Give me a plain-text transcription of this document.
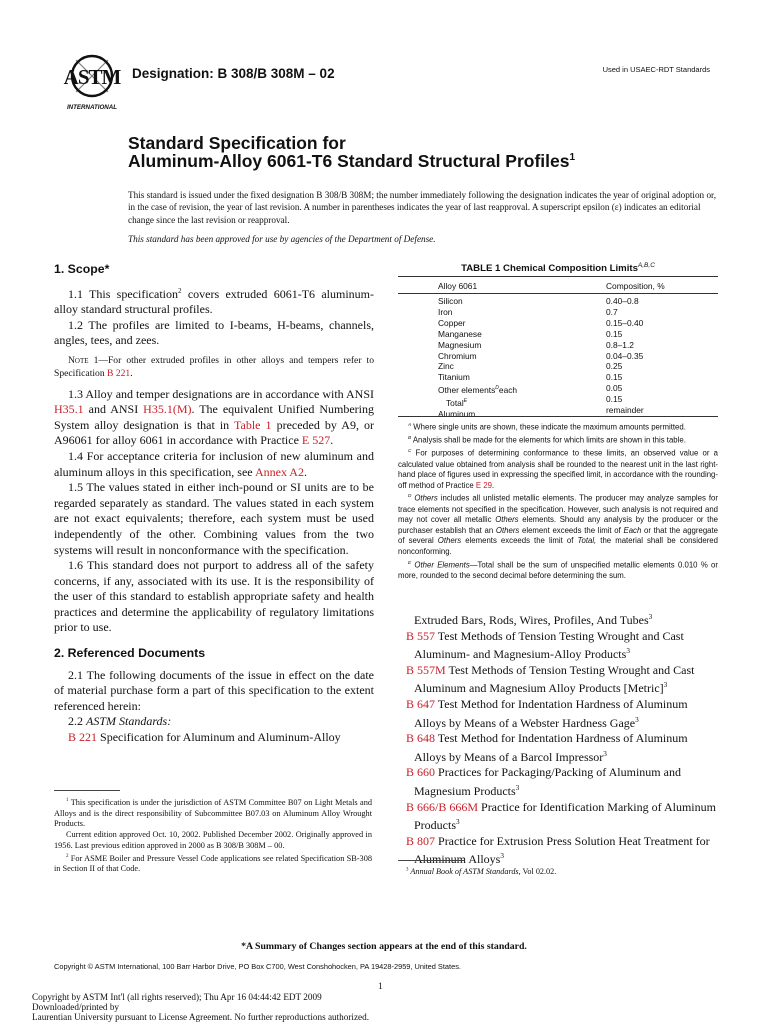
ASTM
INTERNATIONAL
Designation: B 308/B 308M – 02	Used in USAEC-RDT Standards
Standard Specification for
Aluminum-Alloy 6061-T6 Standard Structural Profiles$^1$
This standard is issued under the fixed designation B 308/B 308M; the number immediately following the designation indicates the year of original adoption or, in the case of revision, the year of last revision. A number in parentheses indicates the year of last reapproval. A superscript epsilon (ε) indicates an editorial change since the last revision or reapproval.
This standard has been approved for use by agencies of the Department of Defense.

1. Scope*

1.1 This specification$^2$ covers extruded 6061-T6 aluminum-alloy standard structural profiles.

1.2 The profiles are limited to I-beams, H-beams, channels, angles, tees, and zees.

Note 1—For other extruded profiles in other alloys and tempers refer to Specification B 221.

1.3 Alloy and temper designations are in accordance with ANSI H35.1 and ANSI H35.1(M). The equivalent Unified Numbering System alloy designation is that in Table 1 preceded by A9, or A96061 for alloy 6061 in accordance with Practice E 527.

1.4 For acceptance criteria for inclusion of new aluminum and aluminum alloys in this specification, see Annex A2.

1.5 The values stated in either inch-pound or SI units are to be regarded separately as standard. The values stated in each system are not exact equivalents; therefore, each system must be used independently of the other. Combining values from the two systems will result in nonconformance with the specification.

1.6 This standard does not purport to address all of the safety concerns, if any, associated with its use. It is the responsibility of the user of this standard to establish appropriate safety and health practices and determine the applicability of regulatory limitations prior to use.

2. Referenced Documents

2.1 The following documents of the issue in effect on the date of material purchase form a part of this specification to the extent referenced herein:

2.2 ASTM Standards:

B 221 Specification for Aluminum and Aluminum-Alloy

$^1$ This specification is under the jurisdiction of ASTM Committee B07 on Light Metals and Alloys and is the direct responsibility of Subcommittee B07.03 on Aluminum Alloy Wrought Products.

Current edition approved Oct. 10, 2002. Published December 2002. Originally approved in 1956. Last previous edition approved in 2000 as B 308/B 308M – 00.

$^2$ For ASME Boiler and Pressure Vessel Code applications see related Specification SB-308 in Section II of that Code.

TABLE 1 Chemical Composition Limits$^{A,B,C}$
Alloy 6061	Composition, %
Silicon
Iron
Copper
Manganese
Magnesium
Chromium
Zinc
Titanium
Other elements$^D$each
Total$^E$
Aluminum
0.40–0.8
0.7
0.15–0.40
0.15
0.8–1.2
0.04–0.35
0.25
0.15
0.05
0.15
remainder

$^A$ Where single units are shown, these indicate the maximum amounts permitted.

$^B$ Analysis shall be made for the elements for which limits are shown in this table.

$^C$ For purposes of determining conformance to these limits, an observed value or a calculated value obtained from analysis shall be rounded to the nearest unit in the last right-hand place of figures used in expressing the specified limit, in accordance with the rounding-off method of Practice E 29.

$^D$ Others includes all unlisted metallic elements. The producer may analyze samples for trace elements not specified in the specification. However, such analysis is not required and may not cover all metallic Others elements. Should any analysis by the producer or the purchaser establish that an Others element exceeds the limit of Each or that the aggregate of several Others elements exceeds the limit of Total, the material shall be considered nonconforming.

$^E$ Other Elements—Total shall be the sum of unspecified metallic elements 0.010 % or more, rounded to the second decimal before determining the sum.

Extruded Bars, Rods, Wires, Profiles, And Tubes$^3$

B 557 Test Methods of Tension Testing Wrought and Cast Aluminum- and Magnesium-Alloy Products$^3$

B 557M Test Methods of Tension Testing Wrought and Cast Aluminum and Magnesium Alloy Products [Metric]$^3$

B 647 Test Method for Indentation Hardness of Aluminum Alloys by Means of a Webster Hardness Gage$^3$

B 648 Test Method for Indentation Hardness of Aluminum Alloys by Means of a Barcol Impressor$^3$

B 660 Practices for Packaging/Packing of Aluminum and Magnesium Products$^3$

B 666/B 666M Practice for Identification Marking of Aluminum Products$^3$

B 807 Practice for Extrusion Press Solution Heat Treatment for Aluminum Alloys$^3$

$^3$ Annual Book of ASTM Standards, Vol 02.02.
*A Summary of Changes section appears at the end of this standard.
Copyright © ASTM International, 100 Barr Harbor Drive, PO Box C700, West Conshohocken, PA 19428-2959, United States.
1
Copyright by ASTM Int'l (all rights reserved); Thu Apr 16 04:44:42 EDT 2009
Downloaded/printed by
Laurentian University pursuant to License Agreement. No further reproductions authorized.
